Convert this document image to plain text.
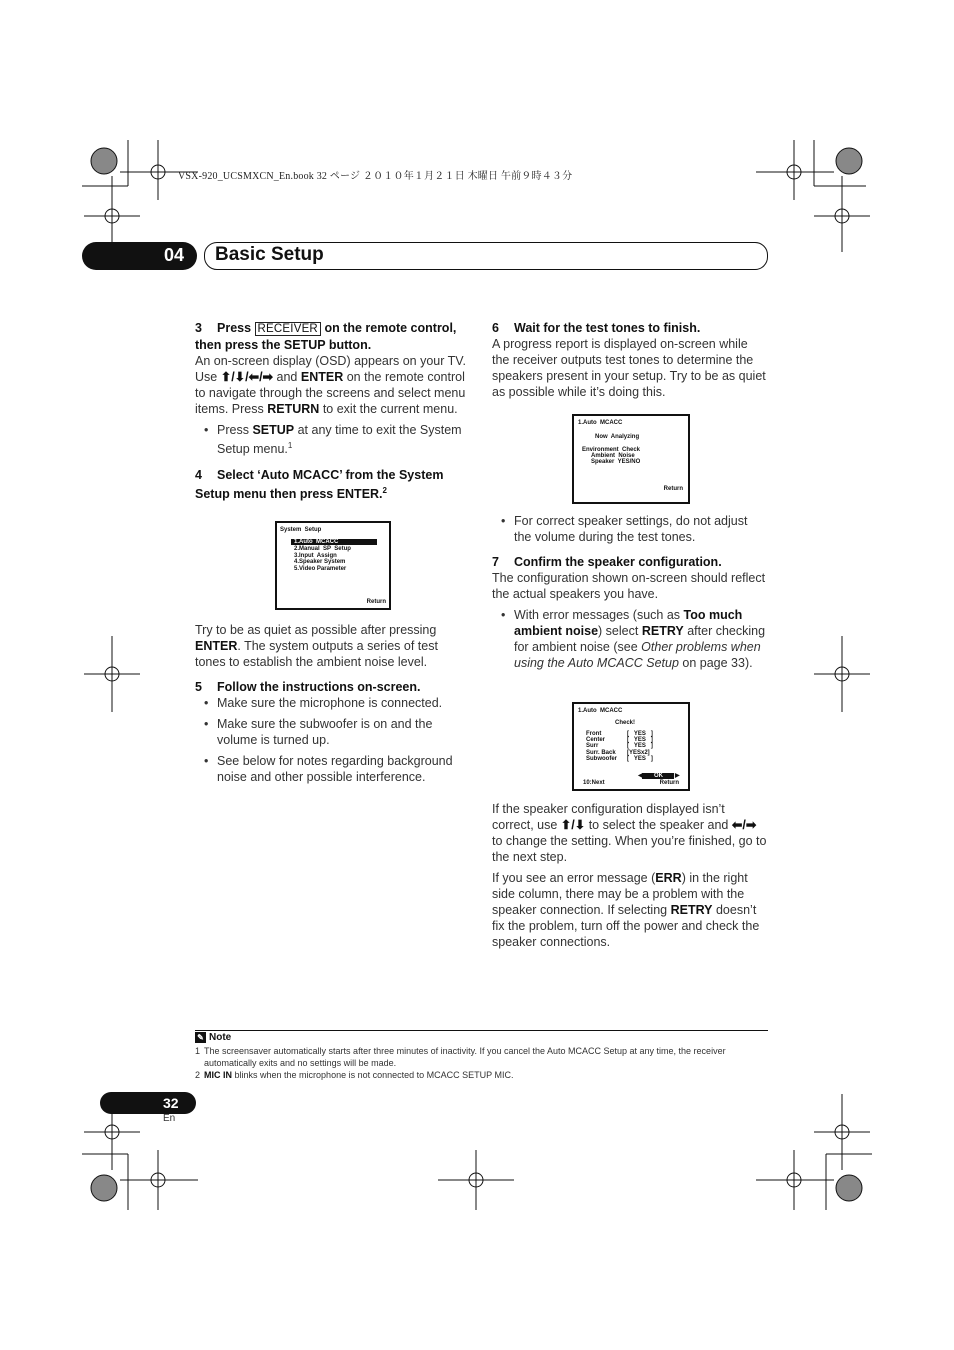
VSX-920_UCSMXCN_En.book 32 ページ ２０１０年１月２１日 木曜日 午前９時４３分
04 Basic Setup

3 Press RECEIVER on the remote control, then press the SETUP button.

An on-screen display (OSD) appears on your TV. Use ⬆/⬇/⬅/➡ and ENTER on the remote control to navigate through the screens and select menu items. Press RETURN to exit the current menu.

• Press SETUP at any time to exit the System Setup menu.$^1$

4 Select ‘Auto MCACC’ from the System Setup menu then press ENTER.$^2$

System  Setup
1.Auto  MCACC
2.Manual  SP  Setup
3.Input  Assign
4.Speaker System
5.Video Parameter
Return

Try to be as quiet as possible after pressing ENTER. The system outputs a series of test tones to establish the ambient noise level.

5 Follow the instructions on-screen.

• Make sure the microphone is connected.

• Make sure the subwoofer is on and the volume is turned up.

• See below for notes regarding background noise and other possible interference.

6 Wait for the test tones to finish.

A progress report is displayed on-screen while the receiver outputs test tones to determine the speakers present in your setup. Try to be as quiet as possible while it’s doing this.

1.Auto  MCACC
Now  Analyzing
Environment  Check
Ambient  Noise
Speaker  YES/NO
Return

• For correct speaker settings, do not adjust the volume during the test tones.

7 Confirm the speaker configuration.

The configuration shown on-screen should reflect the actual speakers you have.

• With error messages (such as Too much ambient noise) select RETRY after checking for ambient noise (see Other problems when using the Auto MCACC Setup on page 33).

1.Auto  MCACC
Check!
Front
Center
Surr
Surr. Back
Subwoofer
[   YES   ]
[   YES   ]
[   YES   ]
[YESx2]
[   YES   ]
◀	▶
OK
10:Next	Return

If the speaker configuration displayed isn’t correct, use ⬆/⬇ to select the speaker and ⬅/➡ to change the setting. When you’re finished, go to the next step.

If you see an error message (ERR) in the right side column, there may be a problem with the speaker connection. If selecting RETRY doesn’t fix the problem, turn off the power and check the speaker connections.

✎ Note
1 The screensaver automatically starts after three minutes of inactivity. If you cancel the Auto MCACC Setup at any time, the receiver automatically exits and no settings will be made.
2 MIC IN blinks when the microphone is not connected to MCACC SETUP MIC.
32
En
